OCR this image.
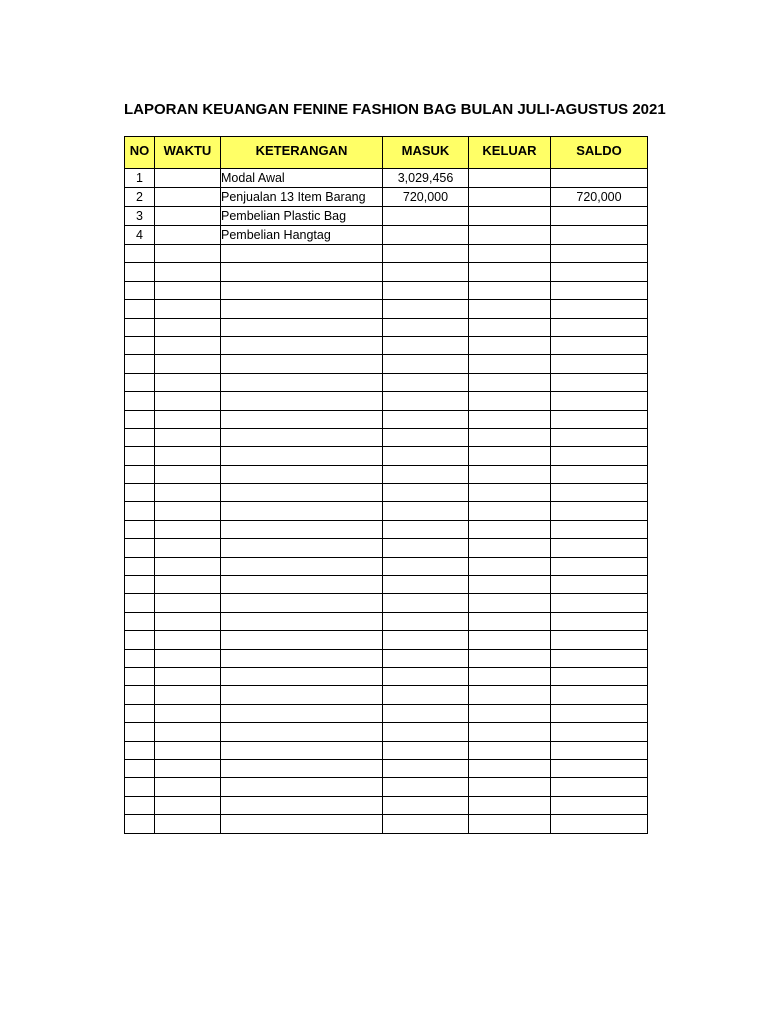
LAPORAN KEUANGAN FENINE FASHION BAG BULAN JULI-AGUSTUS 2021
NO	WAKTU	KETERANGAN	MASUK	KELUAR	SALDO
1		Modal Awal	3,029,456		
2		Penjualan 13 Item Barang	720,000		720,000
3		Pembelian Plastic Bag			
4		Pembelian Hangtag			
